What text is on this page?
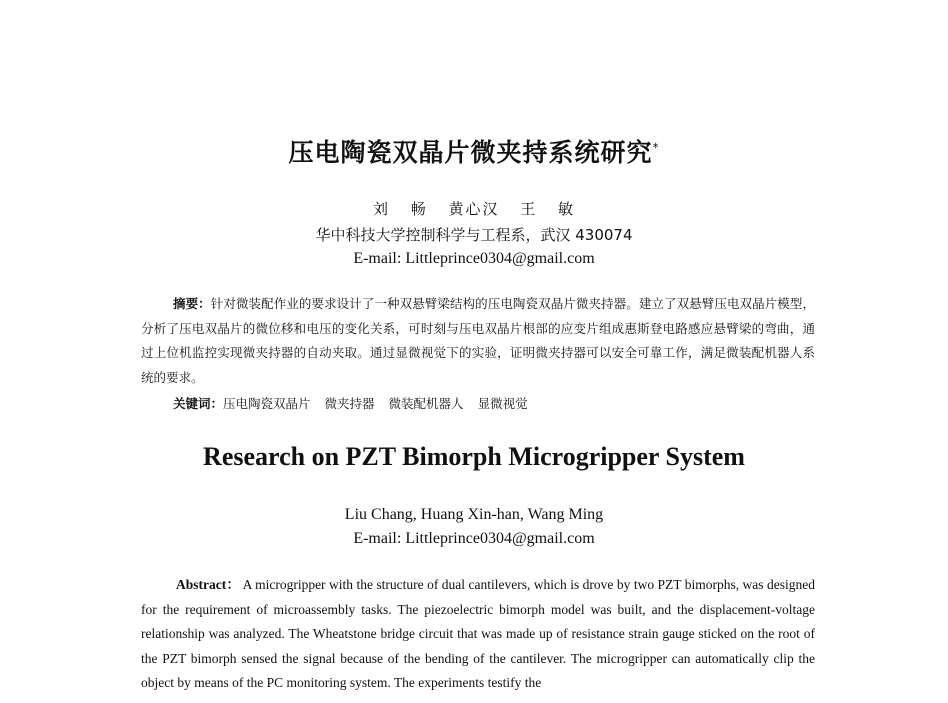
压电陶瓷双晶片微夹持系统研究*
刘 畅 黄心汉 王 敏
华中科技大学控制科学与工程系，武汉 430074
E-mail: Littleprince0304@gmail.com
摘要：针对微装配作业的要求设计了一种双悬臂梁结构的压电陶瓷双晶片微夹持器。建立了双悬臂压电双晶片模型，分析了压电双晶片的微位移和电压的变化关系，可时刻与压电双晶片根部的应变片组成惠斯登电路感应悬臂梁的弯曲，通过上位机监控实现微夹持器的自动夹取。通过显微视觉下的实验，证明微夹持器可以安全可靠工作，满足微装配机器人系统的要求。
关键词：压电陶瓷双晶片 微夹持器 微装配机器人 显微视觉
Research on PZT Bimorph Microgripper System
Liu Chang, Huang Xin-han, Wang Ming
E-mail: Littleprince0304@gmail.com
Abstract： A microgripper with the structure of dual cantilevers, which is drove by two PZT bimorphs, was designed for the requirement of microassembly tasks. The piezoelectric bimorph model was built, and the displacement-voltage relationship was analyzed. The Wheatstone bridge circuit that was made up of resistance strain gauge sticked on the root of the PZT bimorph sensed the signal because of the bending of the cantilever. The microgripper can automatically clip the object by means of the PC monitoring system. The experiments testify the
